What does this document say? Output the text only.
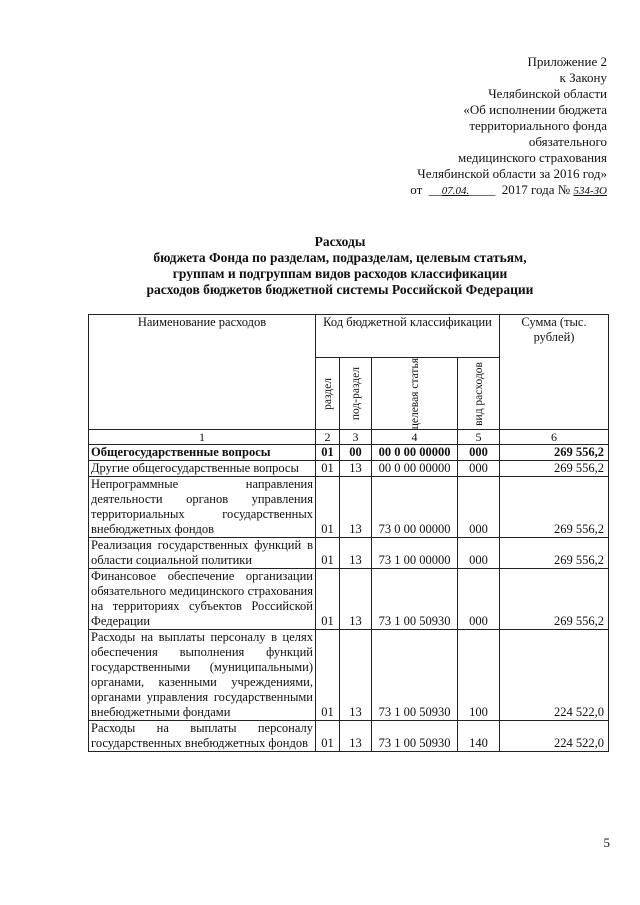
Приложение 2
к Закону
Челябинской области
«Об исполнении бюджета
территориального фонда
обязательного
медицинского страхования
Челябинской области за 2016 год»
от  __07.04.____  2017 года № 534-ЗО
Расходы
бюджета Фонда по разделам, подразделам, целевым статьям,
группам и подгруппам видов расходов классификации
расходов бюджетов бюджетной системы Российской Федерации
Наименование расходов	Код бюджетной классификации				Сумма (тыс. рублей)

	раздел	под-раздел	целевая статья	вид расходов	

1	2	3	4	5	6
Общегосударственные вопросы	01	00	00 0 00 00000	000	269 556,2
Другие общегосударственные вопросы	01	13	00 0 00 00000	000	269 556,2
Непрограммные направления деятельности органов управления территориальных государственных внебюджетных фондов	01	13	73 0 00 00000	000	269 556,2
Реализация государственных функций в области социальной политики	01	13	73 1 00 00000	000	269 556,2
Финансовое обеспечение организации обязательного медицинского страхования на территориях субъектов Российской Федерации	01	13	73 1 00 50930	000	269 556,2
Расходы на выплаты персоналу в целях обеспечения выполнения функций государственными (муниципальными) органами, казенными учреждениями, органами управления государственными внебюджетными фондами	01	13	73 1 00 50930	100	224 522,0
Расходы на выплаты персоналу государственных внебюджетных фондов	01	13	73 1 00 50930	140	224 522,0
5
